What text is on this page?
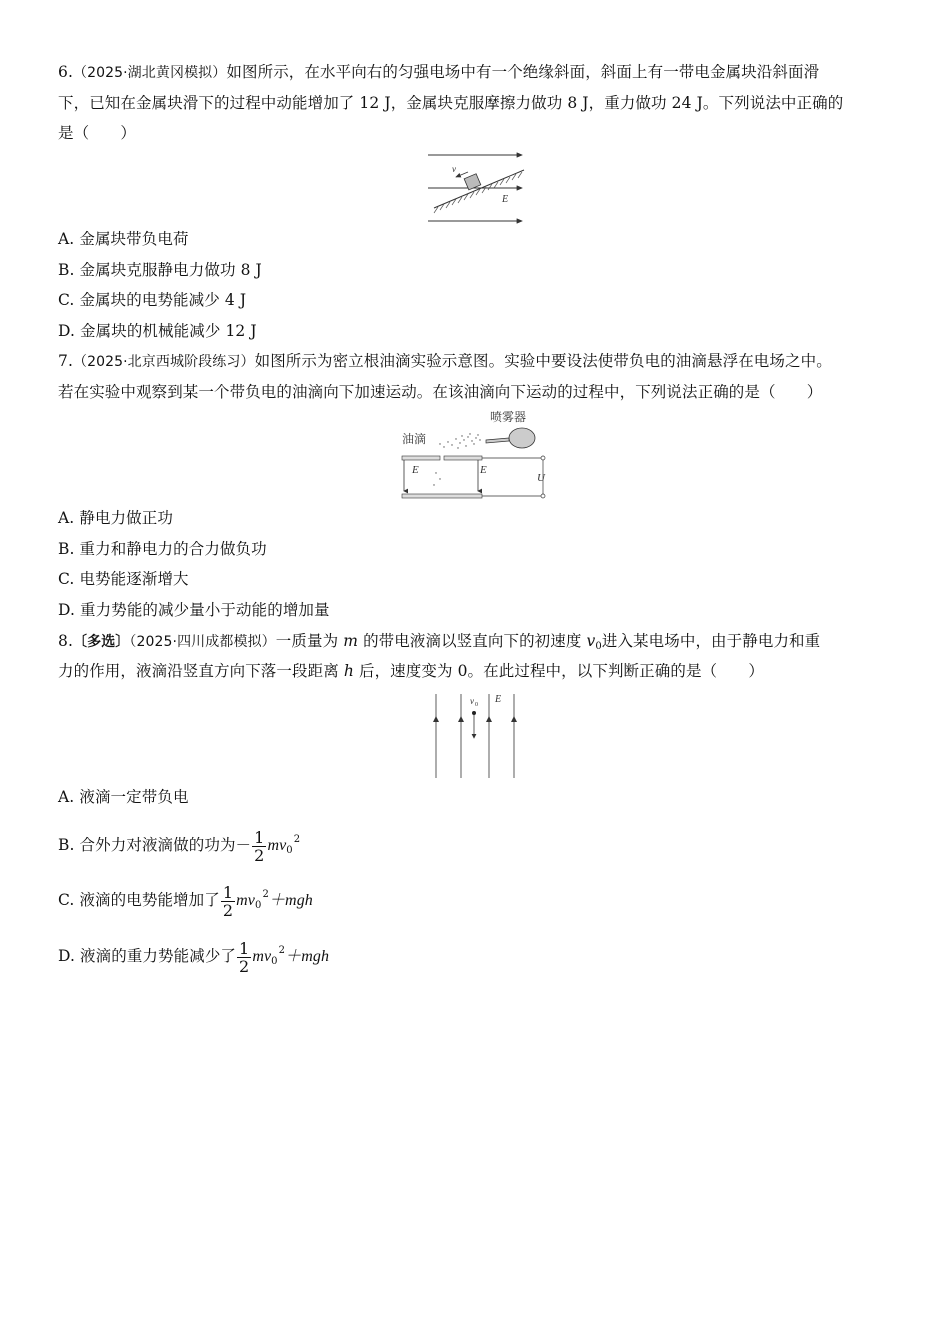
6.（2025·湖北黄冈模拟）如图所示，在水平向右的匀强电场中有一个绝缘斜面，斜面上有一带电金属块沿斜面滑
下，已知在金属块滑下的过程中动能增加了 12 J，金属块克服摩擦力做功 8 J，重力做功 24 J。下列说法中正确的
是（　　）
v
E
A. 金属块带负电荷
B. 金属块克服静电力做功 8 J
C. 金属块的电势能减少 4 J
D. 金属块的机械能减少 12 J
7.（2025·北京西城阶段练习）如图所示为密立根油滴实验示意图。实验中要设法使带负电的油滴悬浮在电场之中。
若在实验中观察到某一个带负电的油滴向下加速运动。在该油滴向下运动的过程中，下列说法正确的是（　　）
喷雾器
油滴
E	E
U
A. 静电力做正功
B. 重力和静电力的合力做负功
C. 电势能逐渐增大
D. 重力势能的减少量小于动能的增加量
8.〔多选〕（2025·四川成都模拟）一质量为 m 的带电液滴以竖直向下的初速度 $v_0$进入某电场中，由于静电力和重
力的作用，液滴沿竖直方向下落一段距离 h 后，速度变为 0。在此过程中，以下判断正确的是（　　）
v 0 E
A. 液滴一定带负电
B. 合外力对液滴做的功为－ $\frac{1}{2} mv_0^2$
C. 液滴的电势能增加了 $\frac{1}{2} mv_0^2+mgh$
D. 液滴的重力势能减少了 $\frac{1}{2} mv_0^2+mgh$
